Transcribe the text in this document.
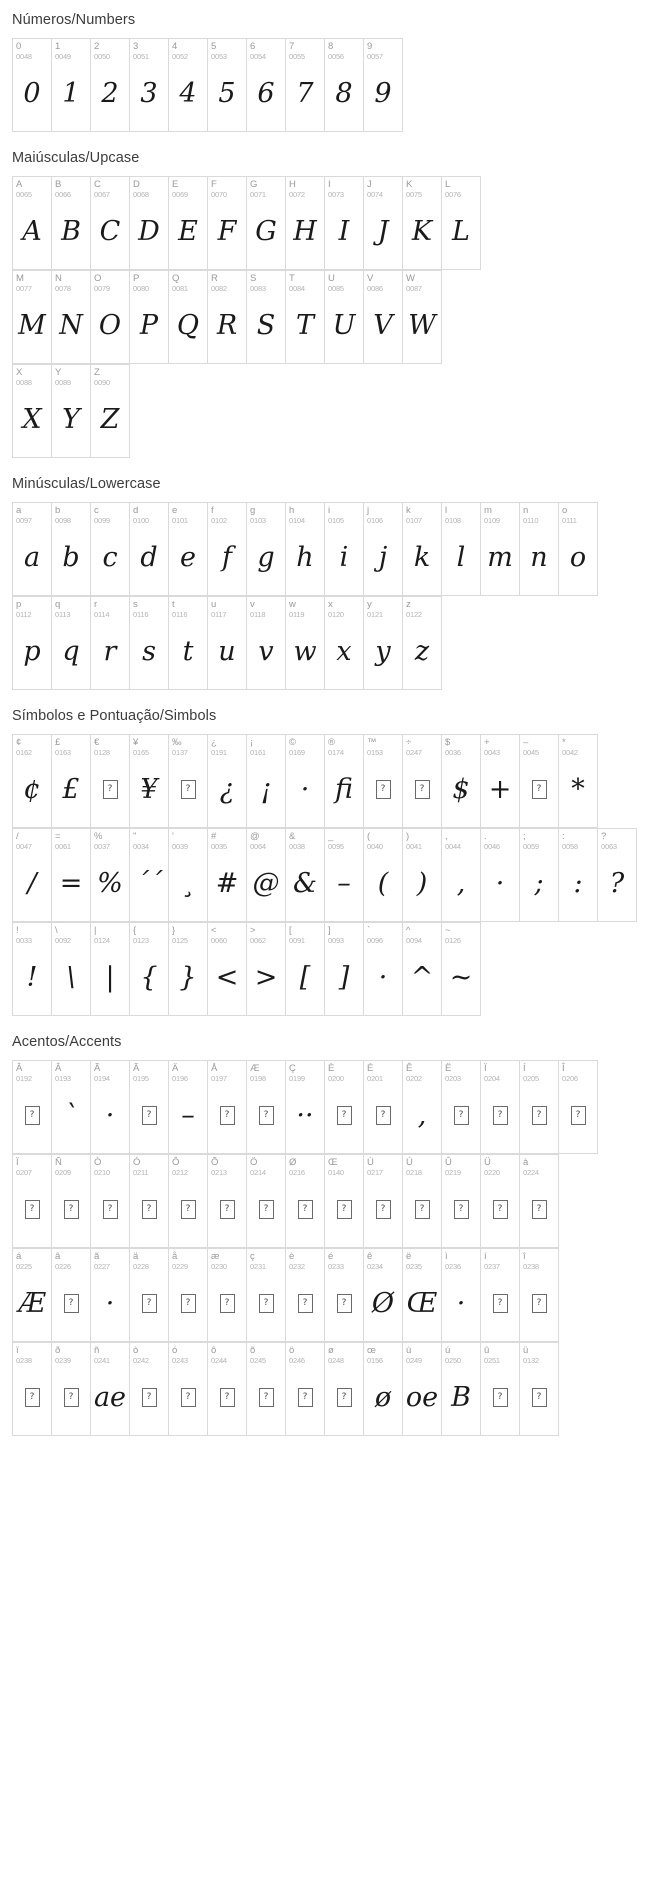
Números/Numbers
0
0048
0
1
0049
1
2
0050
2
3
0051
3
4
0052
4
5
0053
5
6
0054
6
7
0055
7
8
0056
8
9
0057
9
Maiúsculas/Upcase
A
0065
A
B
0066
B
C
0067
C
D
0068
D
E
0069
E
F
0070
F
G
0071
G
H
0072
H
I
0073
I
J
0074
J
K
0075
K
L
0076
L
M
0077
M
N
0078
N
O
0079
O
P
0080
P
Q
0081
Q
R
0082
R
S
0083
S
T
0084
T
U
0085
U
V
0086
V
W
0087
W
X
0088
X
Y
0089
Y
Z
0090
Z
Minúsculas/Lowercase
a
0097
a
b
0098
b
c
0099
c
d
0100
d
e
0101
e
f
0102
f
g
0103
g
h
0104
h
i
0105
i
j
0106
j
k
0107
k
l
0108
l
m
0109
m
n
0110
n
o
0111
o
p
0112
p
q
0113
q
r
0114
r
s
0116
s
t
0116
t
u
0117
u
v
0118
v
w
0119
w
x
0120
x
y
0121
y
z
0122
z
Símbolos e Pontuação/Simbols
¢
0162
¢
£
0163
£
€
0128
?
¥
0165
¥
‰
0137
?
¿
0191
¿
¡
0161
¡
©
0169
·
®
0174
fi
™
0153
?
÷
0247
?
$
0036
$
+
0043
+
–
0045
?
*
0042
*
/
0047
/
=
0061
=
%
0037
%
"
0034
´´
'
0039
¸
#
0035
#
@
0064
@
&
0038
&
_
0095
–
(
0040
(
)
0041
)
,
0044
,
.
0046
·
;
0059
;
:
0058
:
?
0063
?
!
0033
!
\
0092
\
|
0124
|
{
0123
{
}
0125
}
<
0060
<
>
0062
>
[
0091
[
]
0093
]
`
0096
·
^
0094
^
~
0126
~
Acentos/Accents
Â
0192
?
Â
0193
`
Ã
0194
·
Ã
0195
?
Ä
0196
–
Å
0197
?
Æ
0198
?
Ç
0199
··
È
0200
?
É
0201
?
Ê
0202
,
Ë
0203
?
Ï
0204
?
Í
0205
?
Î
0206
?
Ï
0207
?
Ñ
0209
?
Ò
0210
?
Ó
0211
?
Ô
0212
?
Õ
0213
?
Ö
0214
?
Ø
0216
?
Œ
0140
?
Ù
0217
?
Ú
0218
?
Û
0219
?
Ü
0220
?
à
0224
?
á
0225
Æ
â
0226
?
ã
0227
·
ä
0228
?
å
0229
?
æ
0230
?
ç
0231
?
è
0232
?
é
0233
?
ê
0234
Ø
ë
0235
Œ
ì
0236
·
í
0237
?
î
0238
?
ï
0238
?
ð
0239
?
ñ
0241
ae
ò
0242
?
ó
0243
?
ô
0244
?
õ
0245
?
ö
0246
?
ø
0248
?
œ
0156
ø
ù
0249
oe
ú
0250
B
û
0251
?
ü
0132
?
